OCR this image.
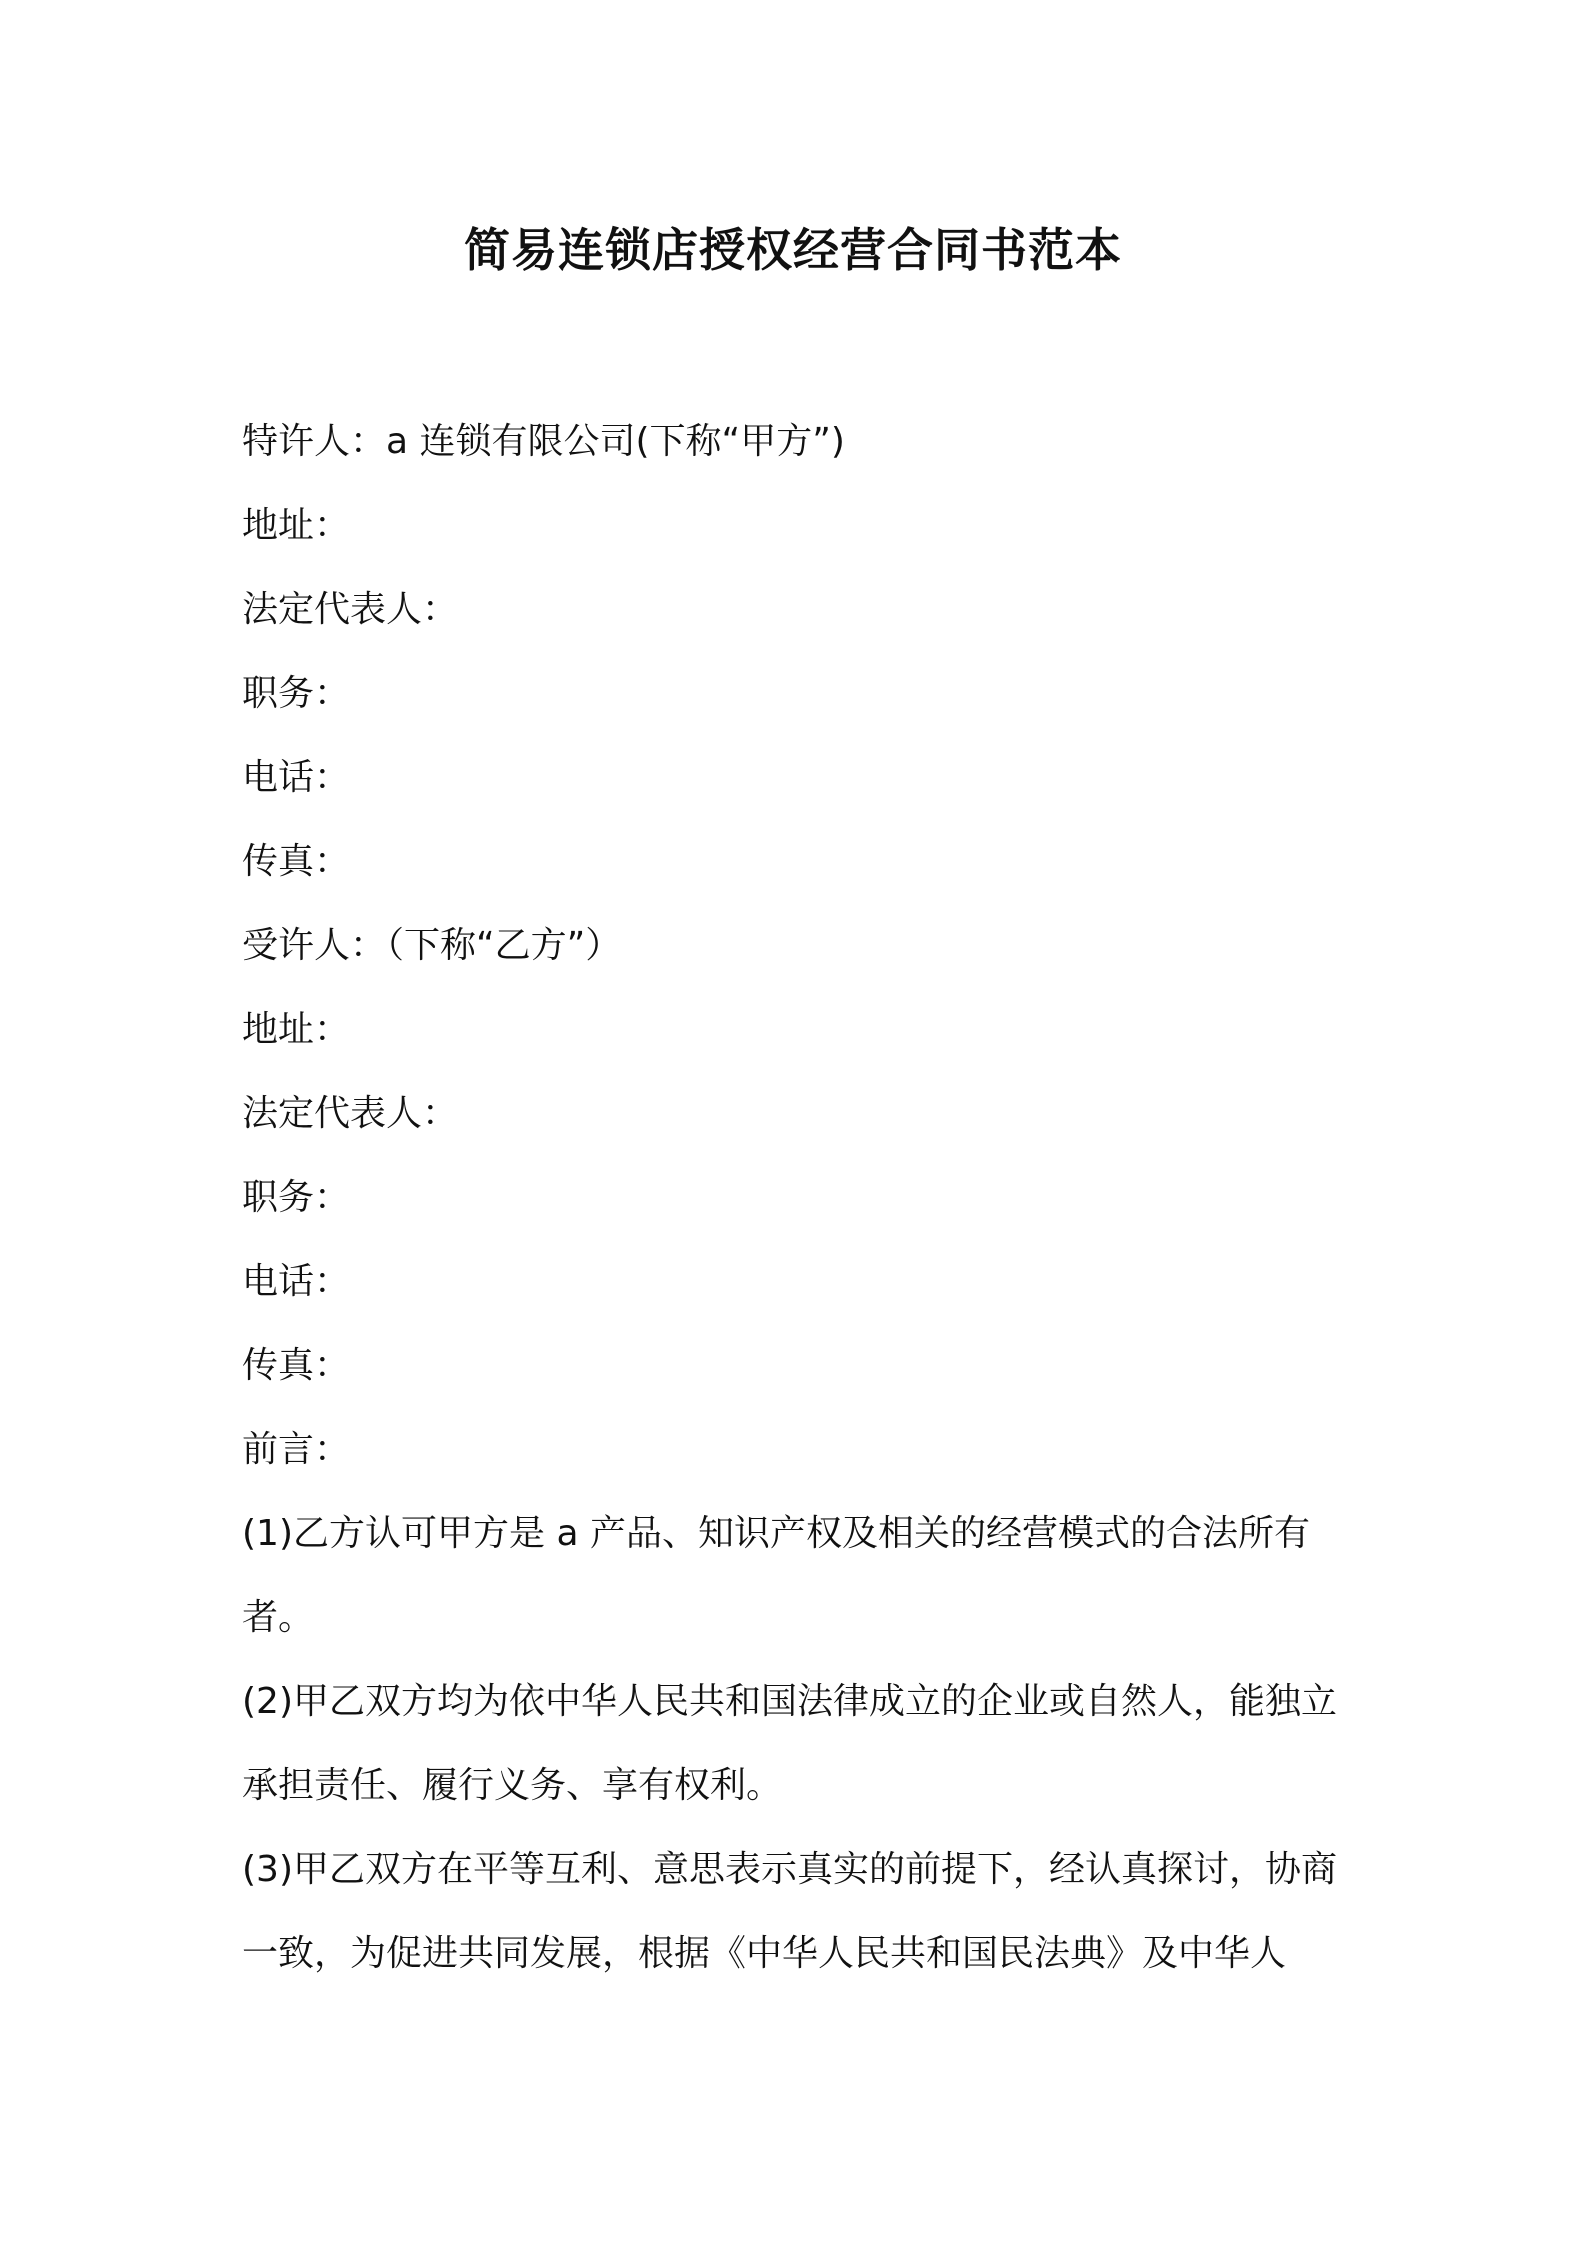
简易连锁店授权经营合同书范本
特许人：a 连锁有限公司(下称“甲方”)
地址：
法定代表人：
职务：
电话：
传真：
受许人：（下称“乙方”）
地址：
法定代表人：
职务：
电话：
传真：
前言：
(1)乙方认可甲方是 a 产品、知识产权及相关的经营模式的合法所有者。
(2)甲乙双方均为依中华人民共和国法律成立的企业或自然人，能独立承担责任、履行义务、享有权利。
(3)甲乙双方在平等互利、意思表示真实的前提下，经认真探讨，协商一致，为促进共同发展，根据《中华人民共和国民法典》及中华人
